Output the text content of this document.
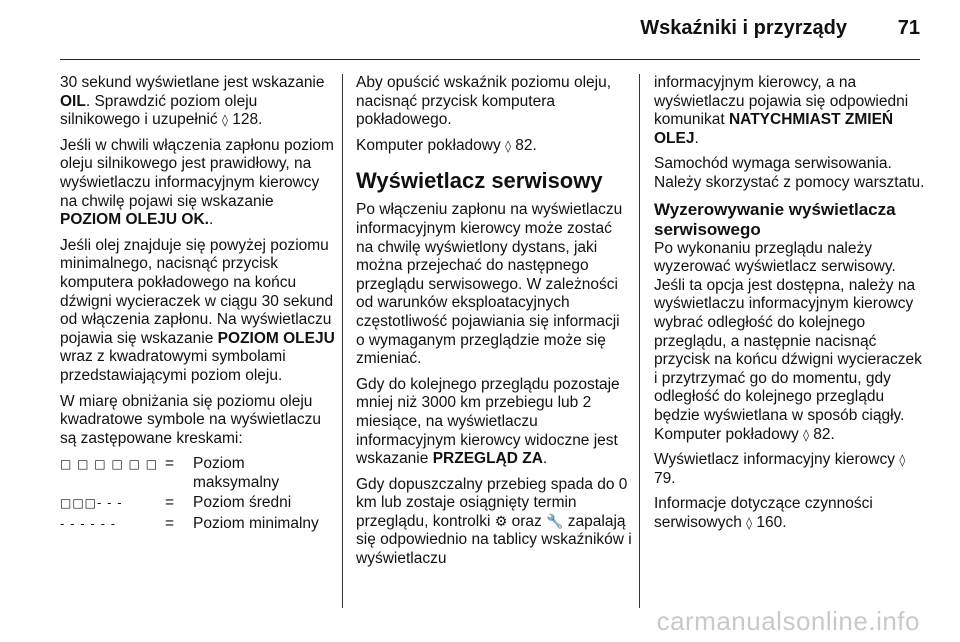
Wskaźniki i przyrządy	71

30 sekund wyświetlane jest wskazanie OIL. Sprawdzić poziom oleju silnikowego i uzupełnić ◊ 128.

Jeśli w chwili włączenia zapłonu poziom oleju silnikowego jest prawidłowy, na wyświetlaczu informacyjnym kierowcy na chwilę pojawi się wskazanie POZIOM OLEJU OK..

Jeśli olej znajduje się powyżej poziomu minimalnego, nacisnąć przycisk komputera pokładowego na końcu dźwigni wycieraczek w ciągu 30 sekund od włączenia zapłonu. Na wyświetlaczu pojawia się wskazanie POZIOM OLEJU wraz z kwadratowymi symbolami przedstawiającymi poziom oleju.

W miarę obniżania się poziomu oleju kwadratowe symbole na wyświetlaczu są zastępowane kreskami:

□ □ □ □ □ □	=	Poziom maksymalny
□□□- - -	=	Poziom średni
- - - - - -	=	Poziom minimalny

Aby opuścić wskaźnik poziomu oleju, nacisnąć przycisk komputera pokładowego.

Komputer pokładowy ◊ 82.

Wyświetlacz serwisowy

Po włączeniu zapłonu na wyświetlaczu informacyjnym kierowcy może zostać na chwilę wyświetlony dystans, jaki można przejechać do następnego przeglądu serwisowego. W zależności od warunków eksploatacyjnych częstotliwość pojawiania się informacji o wymaganym przeglądzie może się zmieniać.

Gdy do kolejnego przeglądu pozostaje mniej niż 3000 km przebiegu lub 2 miesiące, na wyświetlaczu informacyjnym kierowcy widoczne jest wskazanie PRZEGLĄD ZA.

Gdy dopuszczalny przebieg spada do 0 km lub zostaje osiągnięty termin przeglądu, kontrolki ⚙ oraz 🔧 zapalają się odpowiednio na tablicy wskaźników i wyświetlaczu

informacyjnym kierowcy, a na wyświetlaczu pojawia się odpowiedni komunikat NATYCHMIAST ZMIEŃ OLEJ.

Samochód wymaga serwisowania. Należy skorzystać z pomocy warsztatu.

Wyzerowywanie wyświetlacza serwisowego

Po wykonaniu przeglądu należy wyzerować wyświetlacz serwisowy. Jeśli ta opcja jest dostępna, należy na wyświetlaczu informacyjnym kierowcy wybrać odległość do kolejnego przeglądu, a następnie nacisnąć przycisk na końcu dźwigni wycieraczek i przytrzymać go do momentu, gdy odległość do kolejnego przeglądu będzie wyświetlana w sposób ciągły. Komputer pokładowy ◊ 82.

Wyświetlacz informacyjny kierowcy ◊ 79.

Informacje dotyczące czynności serwisowych ◊ 160.

carmanualsonline.info
